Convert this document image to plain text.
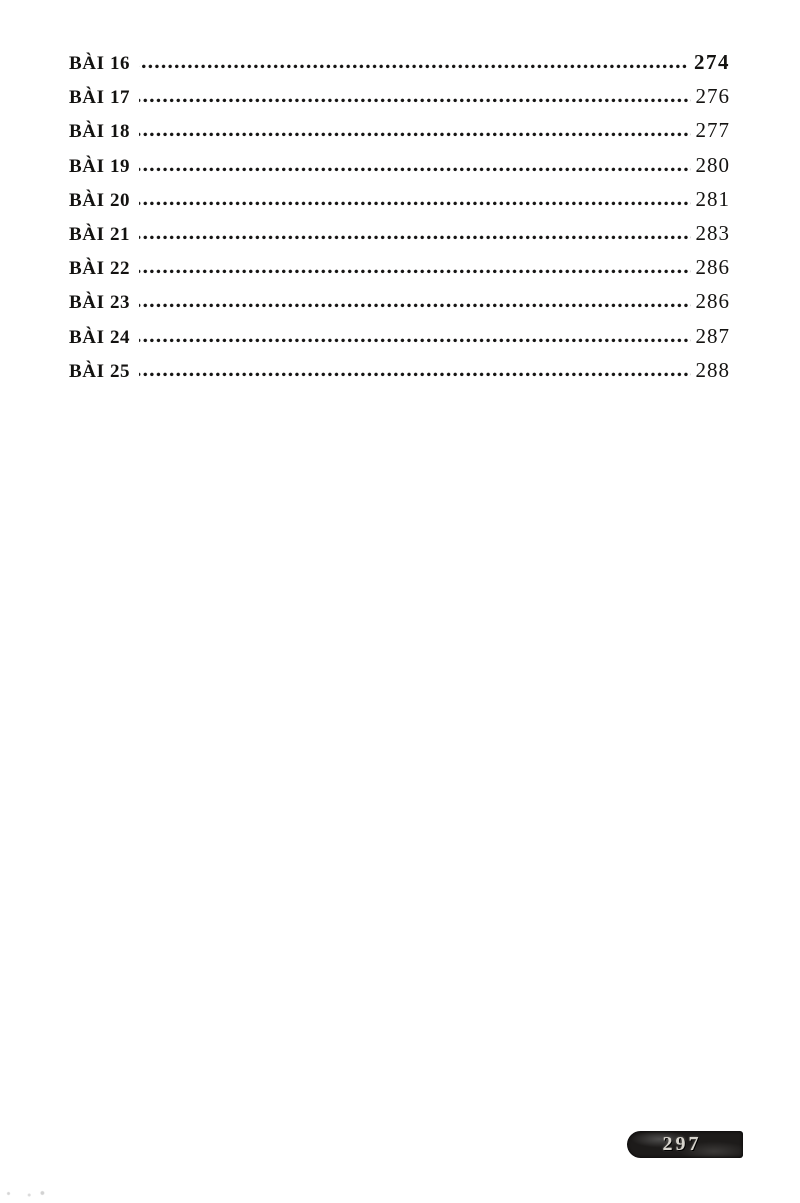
BÀI 16	274
BÀI 17	276
BÀI 18	277
BÀI 19	280
BÀI 20	281
BÀI 21	283
BÀI 22	286
BÀI 23	286
BÀI 24	287
BÀI 25	288
297
